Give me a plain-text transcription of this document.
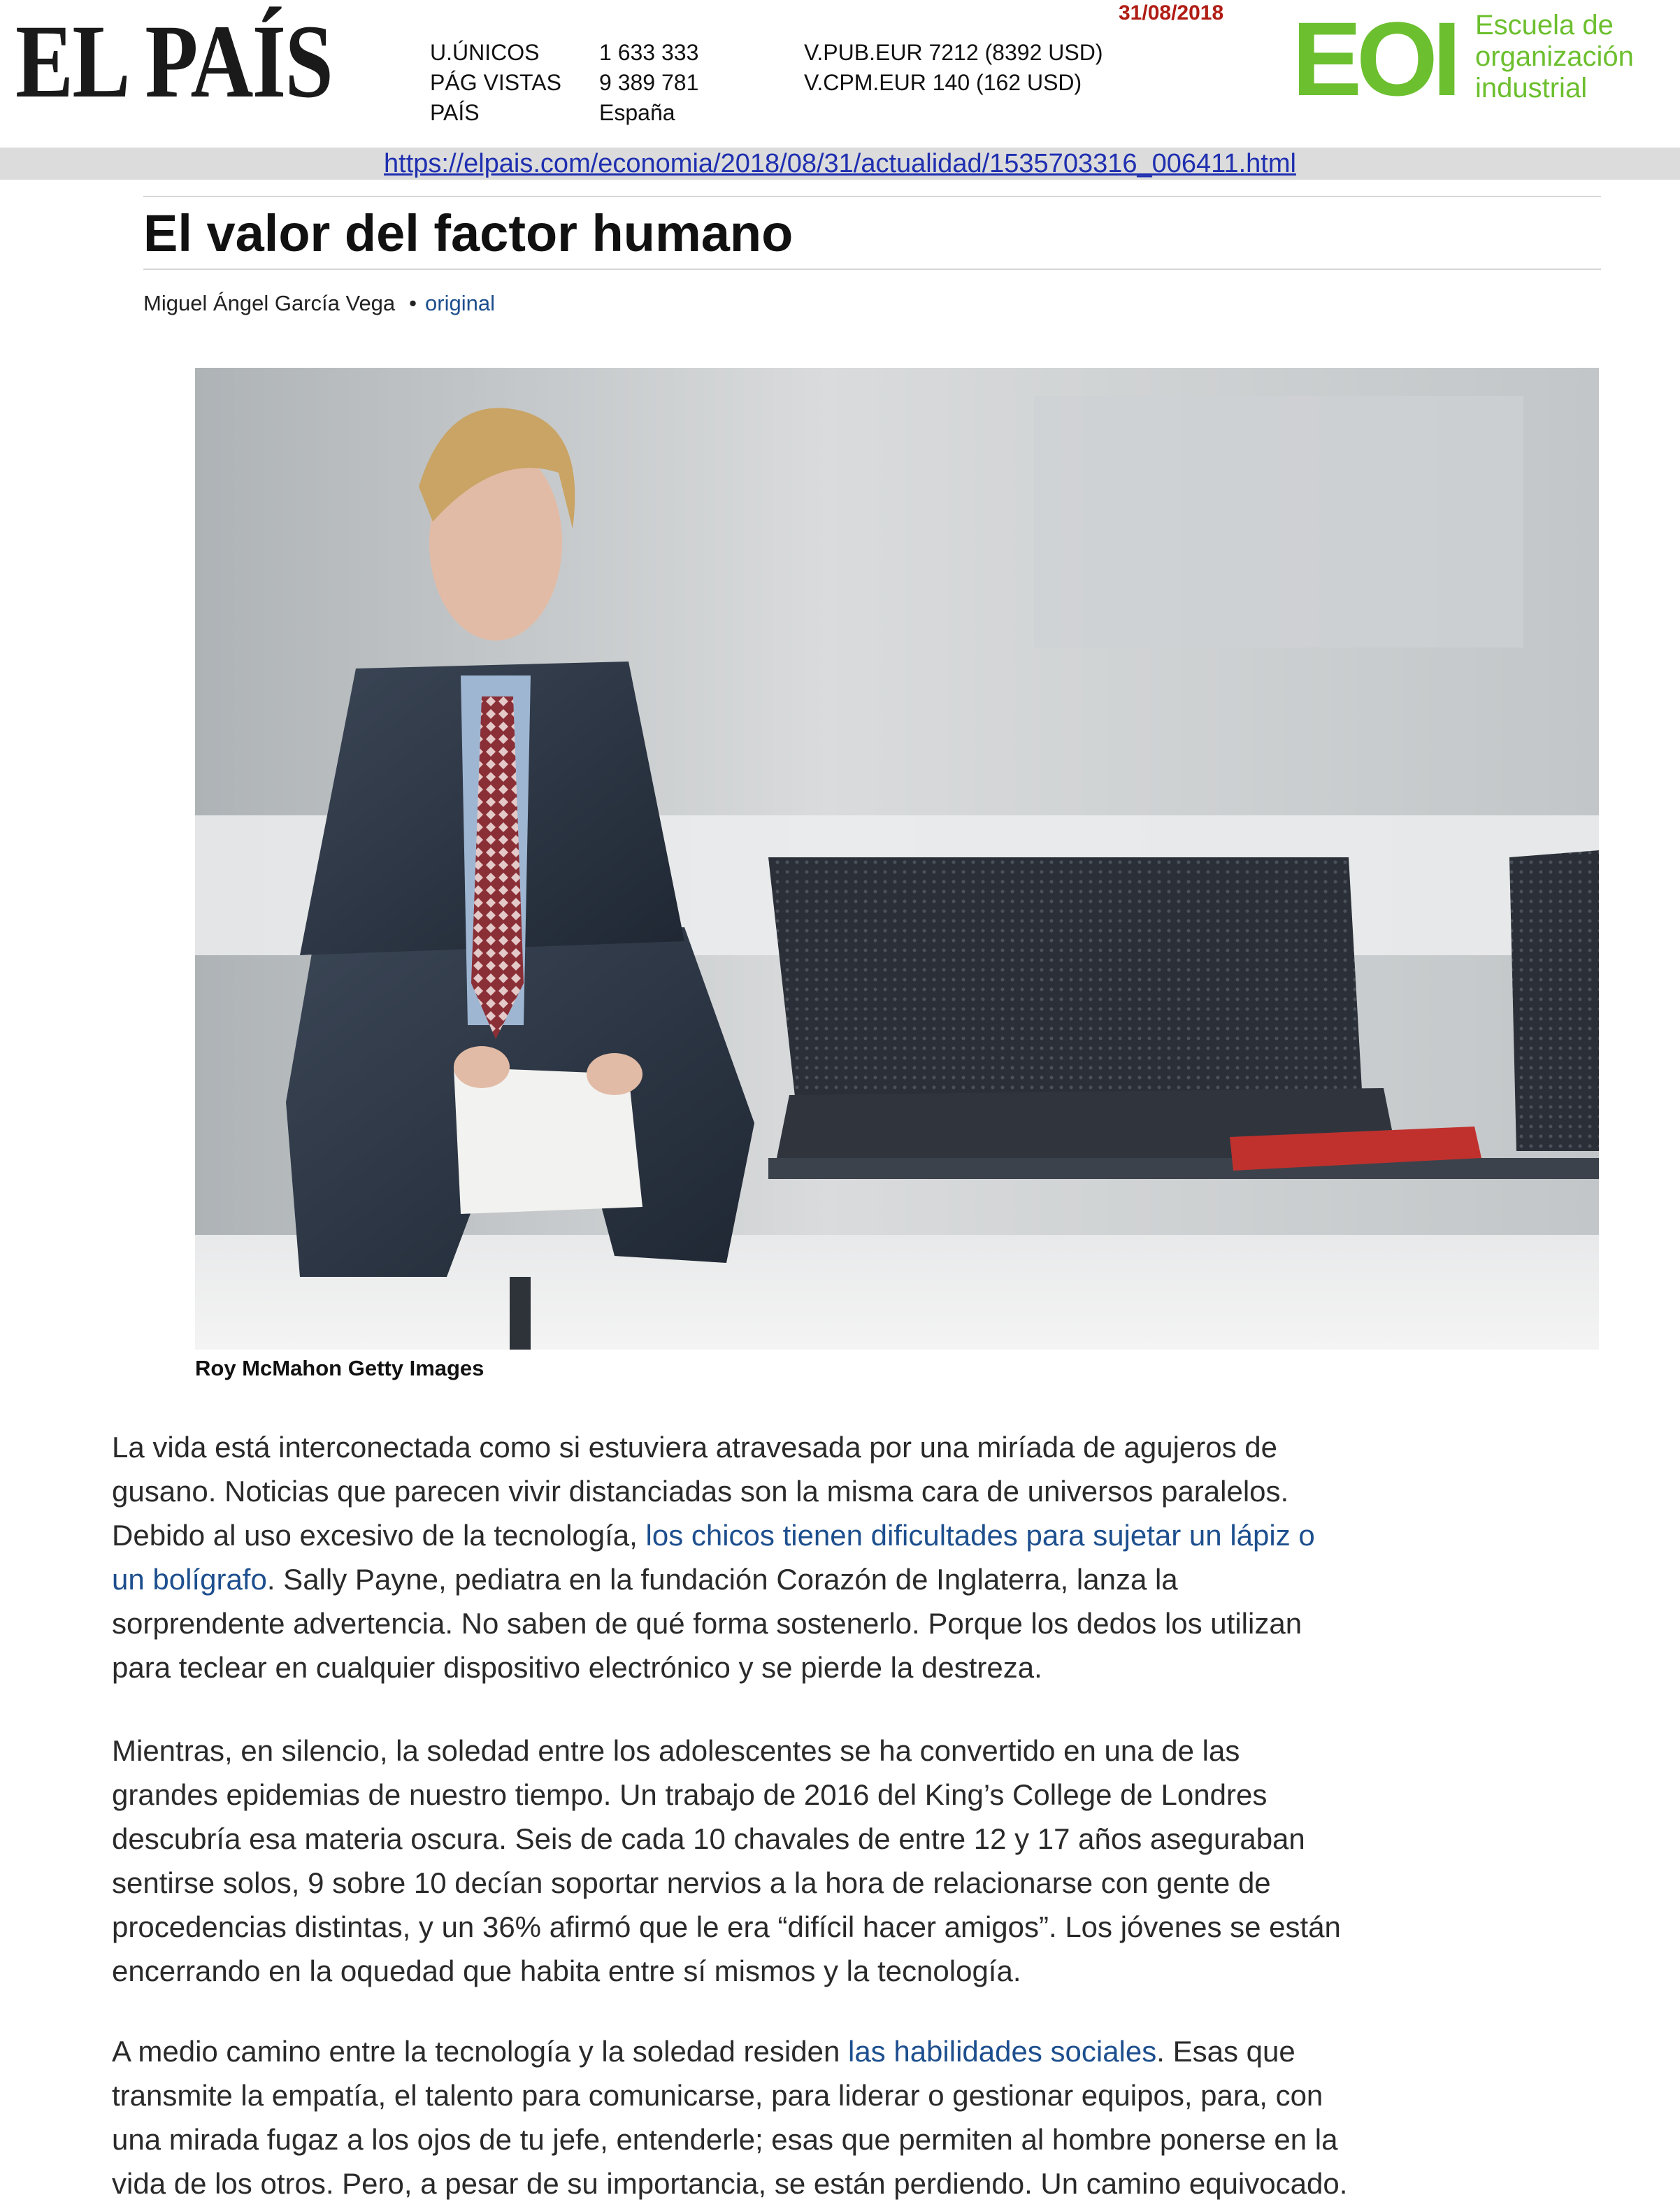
EL PAÍS	31/08/2018
U.ÚNICOS
PÁG VISTAS
PAÍS
1 633 333
9 389 781
España
V.PUB.EUR 7212 (8392 USD)
V.CPM.EUR 140 (162 USD) EOI Escuela de
organización
industrial
https://elpais.com/economia/2018/08/31/actualidad/1535703316_006411.html
El valor del factor humano
Miguel Ángel García Vega • original
Roy McMahon Getty Images
La vida está interconectada como si estuviera atravesada por una miríada de agujeros de
gusano. Noticias que parecen vivir distanciadas son la misma cara de universos paralelos.
Debido al uso excesivo de la tecnología, los chicos tienen dificultades para sujetar un lápiz o
un bolígrafo. Sally Payne, pediatra en la fundación Corazón de Inglaterra, lanza la
sorprendente advertencia. No saben de qué forma sostenerlo. Porque los dedos los utilizan
para teclear en cualquier dispositivo electrónico y se pierde la destreza.
Mientras, en silencio, la soledad entre los adolescentes se ha convertido en una de las
grandes epidemias de nuestro tiempo. Un trabajo de 2016 del King’s College de Londres
descubría esa materia oscura. Seis de cada 10 chavales de entre 12 y 17 años aseguraban
sentirse solos, 9 sobre 10 decían soportar nervios a la hora de relacionarse con gente de
procedencias distintas, y un 36% afirmó que le era “difícil hacer amigos”. Los jóvenes se están
encerrando en la oquedad que habita entre sí mismos y la tecnología.
A medio camino entre la tecnología y la soledad residen las habilidades sociales. Esas que
transmite la empatía, el talento para comunicarse, para liderar o gestionar equipos, para, con
una mirada fugaz a los ojos de tu jefe, entenderle; esas que permiten al hombre ponerse en la
vida de los otros. Pero, a pesar de su importancia, se están perdiendo. Un camino equivocado.
